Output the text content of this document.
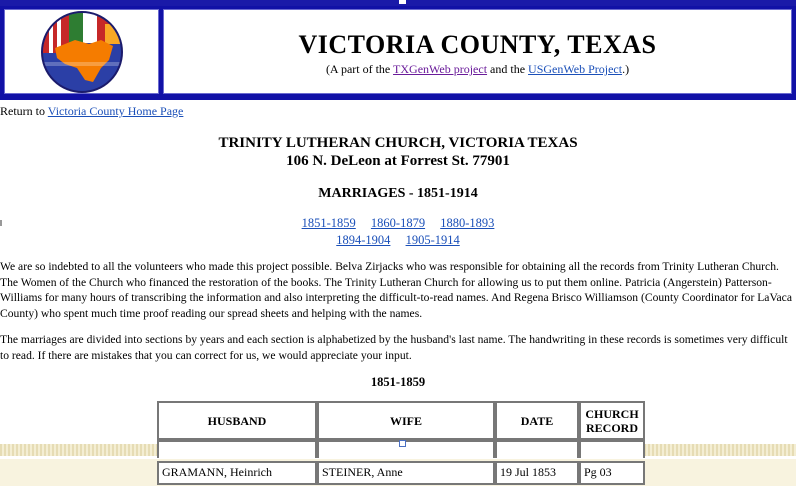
VICTORIA COUNTY, TEXAS
(A part of the TXGenWeb project and the USGenWeb Project.)
Return to Victoria County Home Page
TRINITY LUTHERAN CHURCH, VICTORIA TEXAS
106 N. DeLeon at Forrest St. 77901
MARRIAGES - 1851-1914
1851-1859 1860-1879 1880-1893
1894-1904 1905-1914
We are so indebted to all the volunteers who made this project possible. Belva Zirjacks who was responsible for obtaining all the records from Trinity Lutheran Church. The Women of the Church who financed the restoration of the books. The Trinity Lutheran Church for allowing us to put them online. Patricia (Angerstein) Patterson-Williams for many hours of transcribing the information and also interpreting the difficult-to-read names. And Regena Brisco Williamson (County Coordinator for LaVaca County) who spent much time proof reading our spread sheets and helping with the names.
The marriages are divided into sections by years and each section is alphabetized by the husband's last name. The handwriting in these records is sometimes very difficult to read. If there are mistakes that you can correct for us, we would appreciate your input.
1851-1859
HUSBAND	WIFE	DATE	CHURCH RECORD
GRAMANN, Heinrich	STEINER, Anne	19 Jul 1853	Pg 03
